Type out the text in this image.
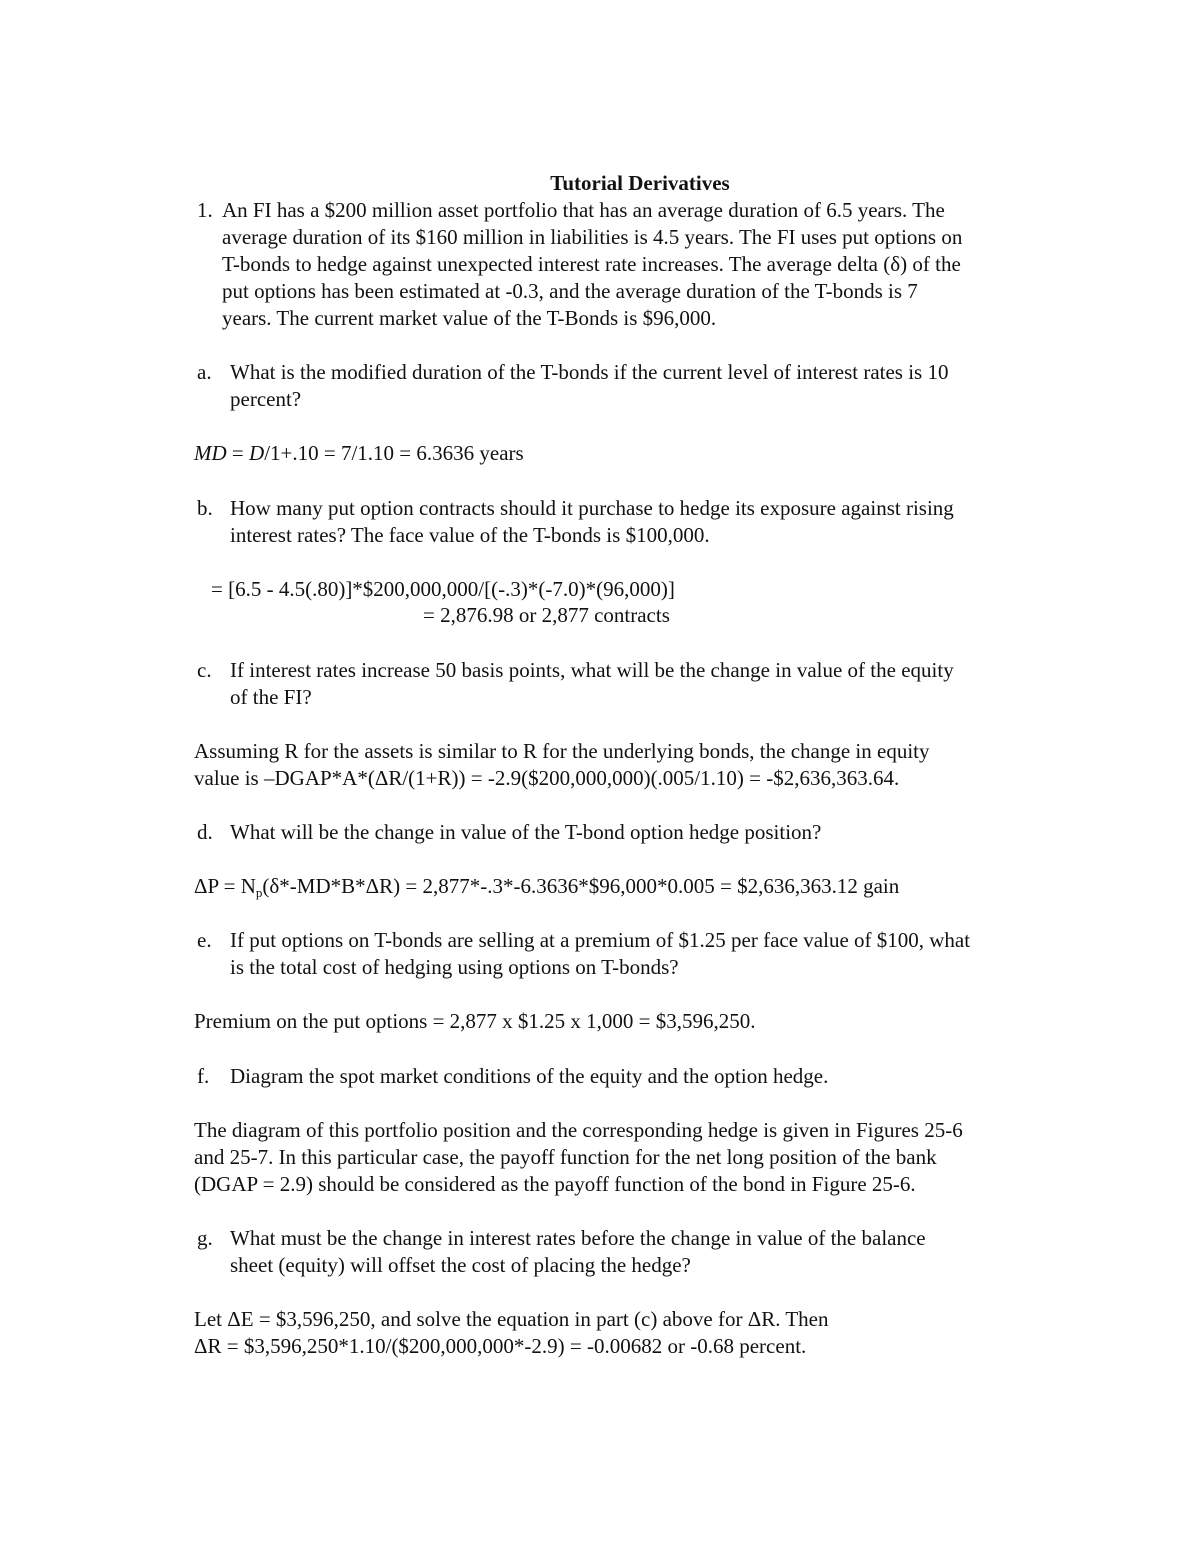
Tutorial Derivatives
1. An FI has a $200 million asset portfolio that has an average duration of 6.5 years. The
average duration of its $160 million in liabilities is 4.5 years. The FI uses put options on
T-bonds to hedge against unexpected interest rate increases. The average delta (δ) of the
put options has been estimated at -0.3, and the average duration of the T-bonds is 7
years. The current market value of the T-Bonds is $96,000.
a. What is the modified duration of the T-bonds if the current level of interest rates is 10
percent?
MD = D/1+.10 = 7/1.10 = 6.3636 years
b. How many put option contracts should it purchase to hedge its exposure against rising
interest rates? The face value of the T-bonds is $100,000.
= [6.5 - 4.5(.80)]*$200,000,000/[(-.3)*(-7.0)*(96,000)]
= 2,876.98 or 2,877 contracts
c. If interest rates increase 50 basis points, what will be the change in value of the equity
of the FI?
Assuming R for the assets is similar to R for the underlying bonds, the change in equity
value is –DGAP*A*(ΔR/(1+R)) = -2.9($200,000,000)(.005/1.10) = -$2,636,363.64.
d. What will be the change in value of the T-bond option hedge position?
$\Delta P = N_p(\delta*-MD*B*\Delta R)$ = 2,877*-.3*-6.3636*$96,000*0.005 = $2,636,363.12 gain
e. If put options on T-bonds are selling at a premium of $1.25 per face value of $100, what
is the total cost of hedging using options on T-bonds?
Premium on the put options = 2,877 x $1.25 x 1,000 = $3,596,250.
f. Diagram the spot market conditions of the equity and the option hedge.
The diagram of this portfolio position and the corresponding hedge is given in Figures 25-6
and 25-7. In this particular case, the payoff function for the net long position of the bank
(DGAP = 2.9) should be considered as the payoff function of the bond in Figure 25-6.
g. What must be the change in interest rates before the change in value of the balance
sheet (equity) will offset the cost of placing the hedge?
Let ΔE = $3,596,250, and solve the equation in part (c) above for ΔR. Then
ΔR = $3,596,250*1.10/($200,000,000*-2.9) = -0.00682 or -0.68 percent.
